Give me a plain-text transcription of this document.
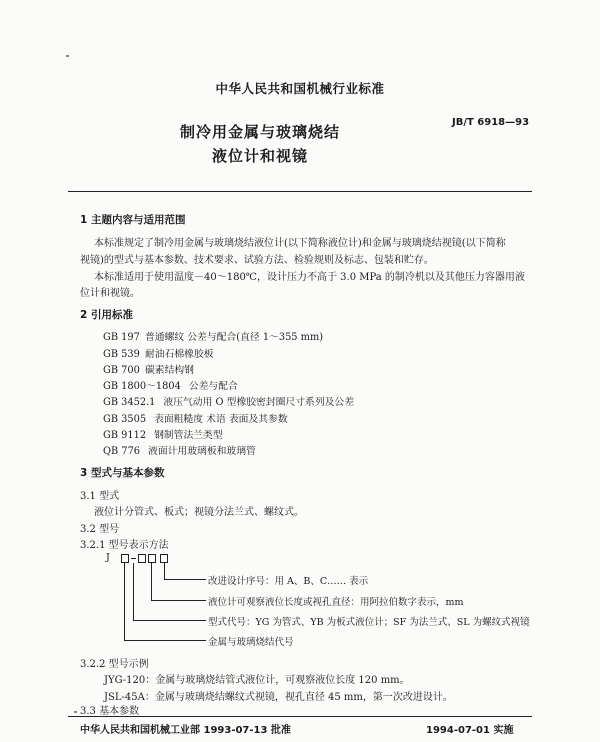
中华人民共和国机械行业标准
JB/T 6918—93
制冷用金属与玻璃烧结
液位计和视镜
1 主题内容与适用范围
本标准规定了制冷用金属与玻璃烧结液位计(以下简称液位计)和金属与玻璃烧结视镜(以下简称
视镜)的型式与基本参数、技术要求、试验方法、检验规则及标志、包装和贮存。
本标准适用于使用温度－40～180℃，设计压力不高于 3.0 MPa 的制冷机以及其他压力容器用液
位计和视镜。
2 引用标准
GB 197 普通螺纹 公差与配合(直径 1～355 mm)
GB 539 耐油石棉橡胶板
GB 700 碳素结构钢
GB 1800～1804 公差与配合
GB 3452.1 液压气动用 O 型橡胶密封圈尺寸系列及公差
GB 3505 表面粗糙度 术语 表面及其参数
GB 9112 钢制管法兰类型
QB 776 液面计用玻璃板和玻璃管
3 型式与基本参数
3.1 型式
液位计分管式、板式；视镜分法兰式、螺纹式。
3.2 型号
3.2.1 型号表示方法
J
改进设计序号：用 A、B、C…… 表示
液位计可观察液位长度或视孔直径：用阿拉伯数字表示，mm
型式代号：YG 为管式、YB 为板式液位计；SF 为法兰式、SL 为螺纹式视镜
金属与玻璃烧结代号
3.2.2 型号示例
JYG-120：金属与玻璃烧结管式液位计，可观察液位长度 120 mm。
JSL-45A：金属与玻璃烧结螺纹式视镜，视孔直径 45 mm，第一次改进设计。
3.3 基本参数
中华人民共和国机械工业部 1993-07-13 批准	1994-07-01 实施
